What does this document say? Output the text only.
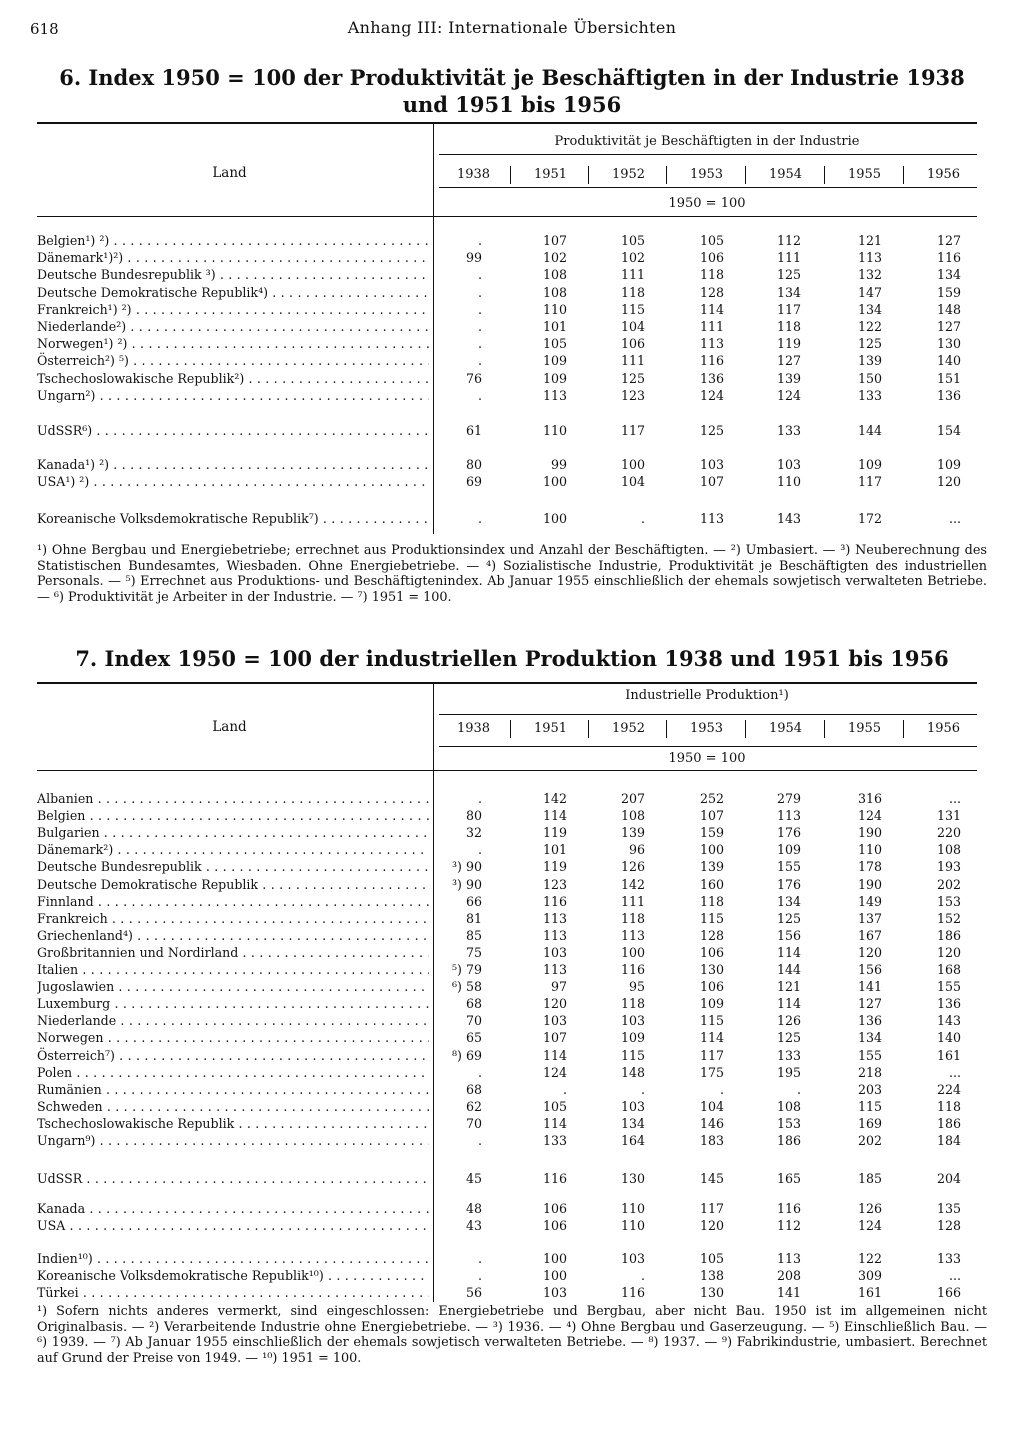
618	Anhang III: Internationale Übersichten
6. Index 1950 = 100 der Produktivität je Beschäftigten in der Industrie 1938
und 1951 bis 1956
Land
Produktivität je Beschäftigten in der Industrie
1938	1951	1952	1953	1954	1955	1956
1950 = 100
Belgien¹) ²) . . .	.	107	105	105	112	121	127
Dänemark¹)²) . . .	99	102	102	106	111	113	116
Deutsche Bundesrepublik ³) . . .	.	108	111	118	125	132	134
Deutsche Demokratische Republik⁴) . . .	.	108	118	128	134	147	159
Frankreich¹) ²) . . .	.	110	115	114	117	134	148
Niederlande²) . . .	.	101	104	111	118	122	127
Norwegen¹) ²) . . .	.	105	106	113	119	125	130
Österreich²) ⁵) . . .	.	109	111	116	127	139	140
Tschechoslowakische Republik²) . . .	76	109	125	136	139	150	151
Ungarn²) . . .	.	113	123	124	124	133	136
UdSSR⁶) . . .	61	110	117	125	133	144	154
Kanada¹) ²) . . .	80	99	100	103	103	109	109
USA¹) ²) . . .	69	100	104	107	110	117	120
Koreanische Volksdemokratische Republik⁷) . . .	.	100	.	113	143	172	...
¹) Ohne Bergbau und Energiebetriebe; errechnet aus Produktionsindex und Anzahl der Beschäftigten. — ²) Umbasiert. — ³) Neuberechnung des Statistischen Bundesamtes, Wiesbaden. Ohne Energiebetriebe. — ⁴) Sozialistische Industrie, Produktivität je Beschäftigten des industriellen Personals. — ⁵) Errechnet aus Produktions- und Beschäftigtenindex. Ab Januar 1955 einschließlich der ehemals sowjetisch verwalteten Betriebe. — ⁶) Produktivität je Arbeiter in der Industrie. — ⁷) 1951 = 100.
7. Index 1950 = 100 der industriellen Produktion 1938 und 1951 bis 1956
Land
Industrielle Produktion¹)
1938	1951	1952	1953	1954	1955	1956
1950 = 100
Albanien . . .	.	142	207	252	279	316	...
Belgien . . .	80	114	108	107	113	124	131
Bulgarien . . .	32	119	139	159	176	190	220
Dänemark²) . . .	.	101	96	100	109	110	108
Deutsche Bundesrepublik . . .	³) 90	119	126	139	155	178	193
Deutsche Demokratische Republik . . .	³) 90	123	142	160	176	190	202
Finnland . . .	66	116	111	118	134	149	153
Frankreich . . .	81	113	118	115	125	137	152
Griechenland⁴) . . .	85	113	113	128	156	167	186
Großbritannien und Nordirland . . .	75	103	100	106	114	120	120
Italien . . .	⁵) 79	113	116	130	144	156	168
Jugoslawien . . .	⁶) 58	97	95	106	121	141	155
Luxemburg . . .	68	120	118	109	114	127	136
Niederlande . . .	70	103	103	115	126	136	143
Norwegen . . .	65	107	109	114	125	134	140
Österreich⁷) . . .	⁸) 69	114	115	117	133	155	161
Polen . . .	.	124	148	175	195	218	...
Rumänien . . .	68	.	.	.	.	203	224
Schweden . . .	62	105	103	104	108	115	118
Tschechoslowakische Republik . . .	70	114	134	146	153	169	186
Ungarn⁹) . . .	.	133	164	183	186	202	184
UdSSR . . .	45	116	130	145	165	185	204
Kanada . . .	48	106	110	117	116	126	135
USA . . .	43	106	110	120	112	124	128
Indien¹⁰) . . .	.	100	103	105	113	122	133
Koreanische Volksdemokratische Republik¹⁰) . . .	.	100	.	138	208	309	...
Türkei . . .	56	103	116	130	141	161	166
¹) Sofern nichts anderes vermerkt, sind eingeschlossen: Energiebetriebe und Bergbau, aber nicht Bau. 1950 ist im allgemeinen nicht Originalbasis. — ²) Verarbeitende Industrie ohne Energiebetriebe. — ³) 1936. — ⁴) Ohne Bergbau und Gaserzeugung. — ⁵) Einschließlich Bau. — ⁶) 1939. — ⁷) Ab Januar 1955 einschließlich der ehemals sowjetisch verwalteten Betriebe. — ⁸) 1937. — ⁹) Fabrikindustrie, umbasiert. Berechnet auf Grund der Preise von 1949. — ¹⁰) 1951 = 100.
